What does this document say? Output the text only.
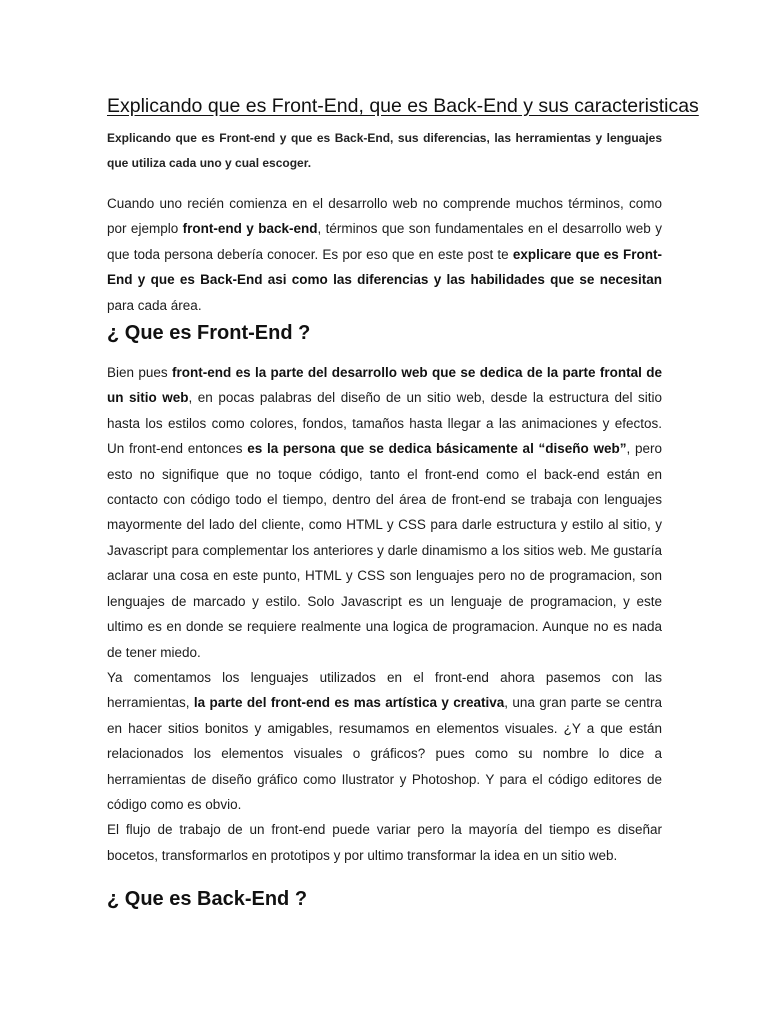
Explicando que es Front-End, que es Back-End y sus caracteristicas

Explicando que es Front-end y que es Back-End, sus diferencias, las herramientas y lenguajes que utiliza cada uno y cual escoger.

Cuando uno recién comienza en el desarrollo web no comprende muchos términos, como por ejemplo front-end y back-end, términos que son fundamentales en el desarrollo web y que toda persona debería conocer. Es por eso que en este post te explicare que es Front-End y que es Back-End asi como las diferencias y las habilidades que se necesitan para cada área.

¿ Que es Front-End ?

Bien pues front-end es la parte del desarrollo web que se dedica de la parte frontal de un sitio web, en pocas palabras del diseño de un sitio web, desde la estructura del sitio hasta los estilos como colores, fondos, tamaños hasta llegar a las animaciones y efectos. Un front-end entonces es la persona que se dedica básicamente al “diseño web”, pero esto no signifique que no toque código, tanto el front-end como el back-end están en contacto con código todo el tiempo, dentro del área de front-end se trabaja con lenguajes mayormente del lado del cliente, como HTML y CSS para darle estructura y estilo al sitio, y Javascript para complementar los anteriores y darle dinamismo a los sitios web. Me gustaría aclarar una cosa en este punto, HTML y CSS son lenguajes pero no de programacion, son lenguajes de marcado y estilo. Solo Javascript es un lenguaje de programacion, y este ultimo es en donde se requiere realmente una logica de programacion. Aunque no es nada de tener miedo.

Ya comentamos los lenguajes utilizados en el front-end ahora pasemos con las herramientas, la parte del front-end es mas artística y creativa, una gran parte se centra en hacer sitios bonitos y amigables, resumamos en elementos visuales. ¿Y a que están relacionados los elementos visuales o gráficos? pues como su nombre lo dice a herramientas de diseño gráfico como Ilustrator y Photoshop. Y para el código editores de código como es obvio.

El flujo de trabajo de un front-end puede variar pero la mayoría del tiempo es diseñar bocetos, transformarlos en prototipos y por ultimo transformar la idea en un sitio web.

¿ Que es Back-End ?
